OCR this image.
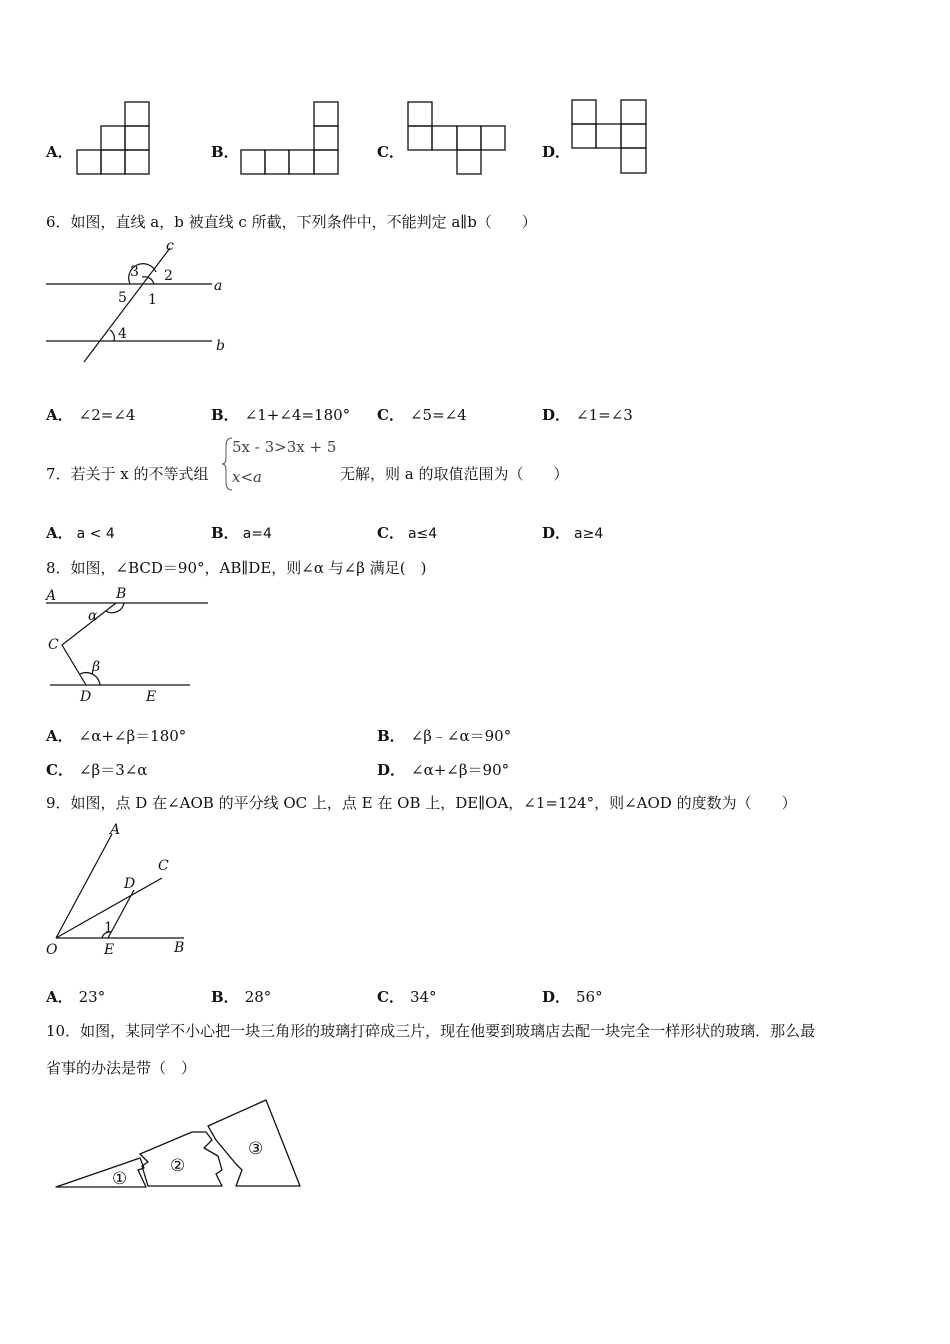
A．	B．	C．	D．
6．如图，直线 a，b 被直线 c 所截，下列条件中，不能判定 a∥b（　　）
c
a
b
3 2
5 1
4
A． ∠2=∠4	B． ∠1+∠4=180° C． ∠5=∠4	D． ∠1=∠3
7．若关于 x 的不等式组
5x - 3>3x + 5
x<a	无解，则 a 的取值范围为（　　）
A． a < 4	B． a=4	C． a≤4	D． a≥4
8．如图，∠BCD＝90°，AB∥DE，则∠α 与∠β 满足(　)
A	B
C
D	E
α
β
A． ∠α+∠β＝180°	B． ∠β﹣∠α＝90°
C． ∠β＝3∠α	D． ∠α+∠β＝90°
9．如图，点 D 在∠AOB 的平分线 OC 上，点 E 在 OB 上，DE∥OA，∠1=124°，则∠AOD 的度数为（　　）
A
C
D
O	E	B
1
A． 23°	B． 28°	C． 34°	D． 56°
10．如图，某同学不小心把一块三角形的玻璃打碎成三片，现在他要到玻璃店去配一块完全一样形状的玻璃．那么最
省事的办法是带（　）
①
②
③
